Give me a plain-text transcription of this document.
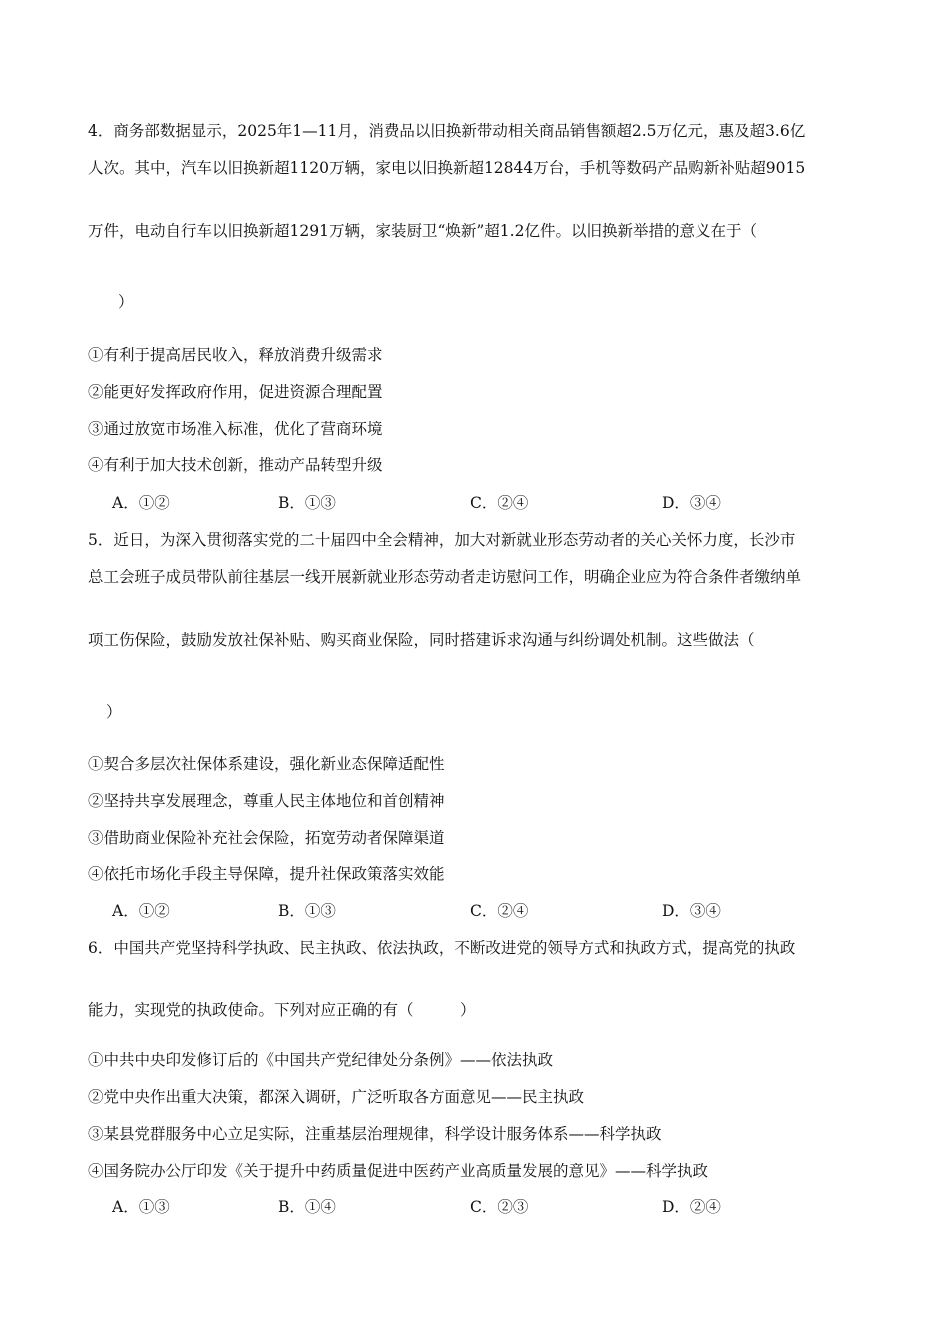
4．商务部数据显示，2025年1—11月，消费品以旧换新带动相关商品销售额超2.5万亿元，惠及超3.6亿
人次。其中，汽车以旧换新超1120万辆，家电以旧换新超12844万台，手机等数码产品购新补贴超9015
万件，电动自行车以旧换新超1291万辆，家装厨卫“焕新”超1.2亿件。以旧换新举措的意义在于（
）
①有利于提高居民收入，释放消费升级需求
②能更好发挥政府作用，促进资源合理配置
③通过放宽市场准入标准，优化了营商环境
④有利于加大技术创新，推动产品转型升级
A．①②	B．①③	C．②④	D．③④
5．近日，为深入贯彻落实党的二十届四中全会精神，加大对新就业形态劳动者的关心关怀力度，长沙市
总工会班子成员带队前往基层一线开展新就业形态劳动者走访慰问工作，明确企业应为符合条件者缴纳单
项工伤保险，鼓励发放社保补贴、购买商业保险，同时搭建诉求沟通与纠纷调处机制。这些做法（
）
①契合多层次社保体系建设，强化新业态保障适配性
②坚持共享发展理念，尊重人民主体地位和首创精神
③借助商业保险补充社会保险，拓宽劳动者保障渠道
④依托市场化手段主导保障，提升社保政策落实效能
A．①②	B．①③	C．②④	D．③④
6．中国共产党坚持科学执政、民主执政、依法执政，不断改进党的领导方式和执政方式，提高党的执政
能力，实现党的执政使命。下列对应正确的有（　　　）
①中共中央印发修订后的《中国共产党纪律处分条例》——依法执政
②党中央作出重大决策，都深入调研，广泛听取各方面意见——民主执政
③某县党群服务中心立足实际，注重基层治理规律，科学设计服务体系——科学执政
④国务院办公厅印发《关于提升中药质量促进中医药产业高质量发展的意见》——科学执政
A．①③	B．①④	C．②③	D．②④
